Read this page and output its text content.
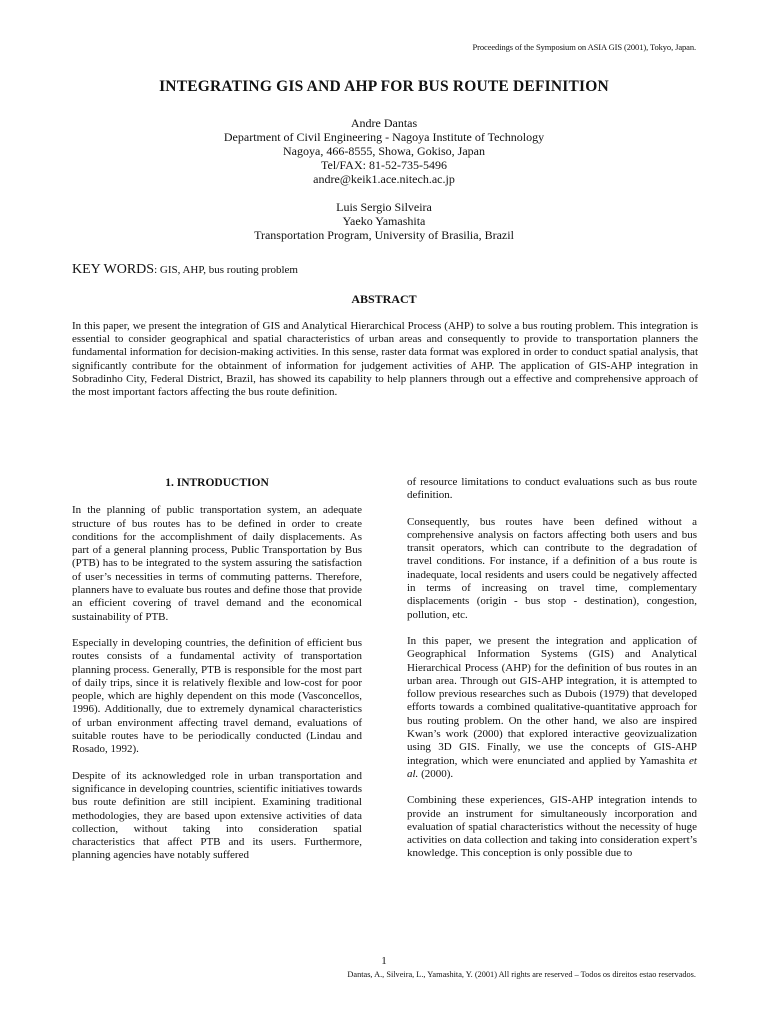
Proceedings of the Symposium on ASIA GIS (2001), Tokyo, Japan.
INTEGRATING GIS AND AHP FOR BUS ROUTE DEFINITION
Andre Dantas
Department of Civil Engineering - Nagoya Institute of Technology
Nagoya, 466-8555, Showa, Gokiso, Japan
Tel/FAX: 81-52-735-5496
andre@keik1.ace.nitech.ac.jp
Luis Sergio Silveira
Yaeko Yamashita
Transportation Program, University of Brasilia, Brazil
KEY WORDS: GIS, AHP, bus routing problem
ABSTRACT
In this paper, we present the integration of GIS and Analytical Hierarchical Process (AHP) to solve a bus routing problem. This integration is essential to consider geographical and spatial characteristics of urban areas and consequently to provide to transportation planners the fundamental information for decision-making activities. In this sense, raster data format was explored in order to conduct spatial analysis, that significantly contribute for the obtainment of information for judgement activities of AHP. The application of GIS-AHP integration in Sobradinho City, Federal District, Brazil, has showed its capability to help planners through out a effective and comprehensive approach of the most important factors affecting the bus route definition.
1. INTRODUCTION

In the planning of public transportation system, an adequate structure of bus routes has to be defined in order to create conditions for the accomplishment of daily displacements. As part of a general planning process, Public Transportation by Bus (PTB) has to be integrated to the system assuring the satisfaction of user’s necessities in terms of commuting patterns. Therefore, planners have to evaluate bus routes and define those that provide an efficient covering of travel demand and the economical sustainability of PTB.

Especially in developing countries, the definition of efficient bus routes consists of a fundamental activity of transportation planning process. Generally, PTB is responsible for the most part of daily trips, since it is relatively flexible and low-cost for poor people, which are highly dependent on this mode (Vasconcellos, 1996). Additionally, due to extremely dynamical characteristics of urban environment affecting travel demand, evaluations of suitable routes have to be periodically conducted (Lindau and Rosado, 1992).

Despite of its acknowledged role in urban transportation and significance in developing countries, scientific initiatives towards bus route definition are still incipient. Examining traditional methodologies, they are based upon extensive activities of data collection, without taking into consideration spatial characteristics that affect PTB and its users. Furthermore, planning agencies have notably suffered

of resource limitations to conduct evaluations such as bus route definition.

Consequently, bus routes have been defined without a comprehensive analysis on factors affecting both users and bus transit operators, which can contribute to the degradation of travel conditions. For instance, if a definition of a bus route is inadequate, local residents and users could be negatively affected in terms of increasing on travel time, complementary displacements (origin - bus stop - destination), congestion, pollution, etc.

In this paper, we present the integration and application of Geographical Information Systems (GIS) and Analytical Hierarchical Process (AHP) for the definition of bus routes in an urban area. Through out GIS-AHP integration, it is attempted to follow previous researches such as Dubois (1979) that developed efforts towards a combined qualitative-quantitative approach for bus routing problem. On the other hand, we also are inspired Kwan’s work (2000) that explored interactive geovizualization using 3D GIS. Finally, we use the concepts of GIS-AHP integration, which were enunciated and applied by Yamashita et al. (2000).

Combining these experiences, GIS-AHP integration intends to provide an instrument for simultaneously incorporation and evaluation of spatial characteristics without the necessity of huge activities on data collection and taking into consideration expert’s knowledge. This conception is only possible due to

1
Dantas, A., Silveira, L., Yamashita, Y. (2001) All rights are reserved – Todos os direitos estao reservados.
